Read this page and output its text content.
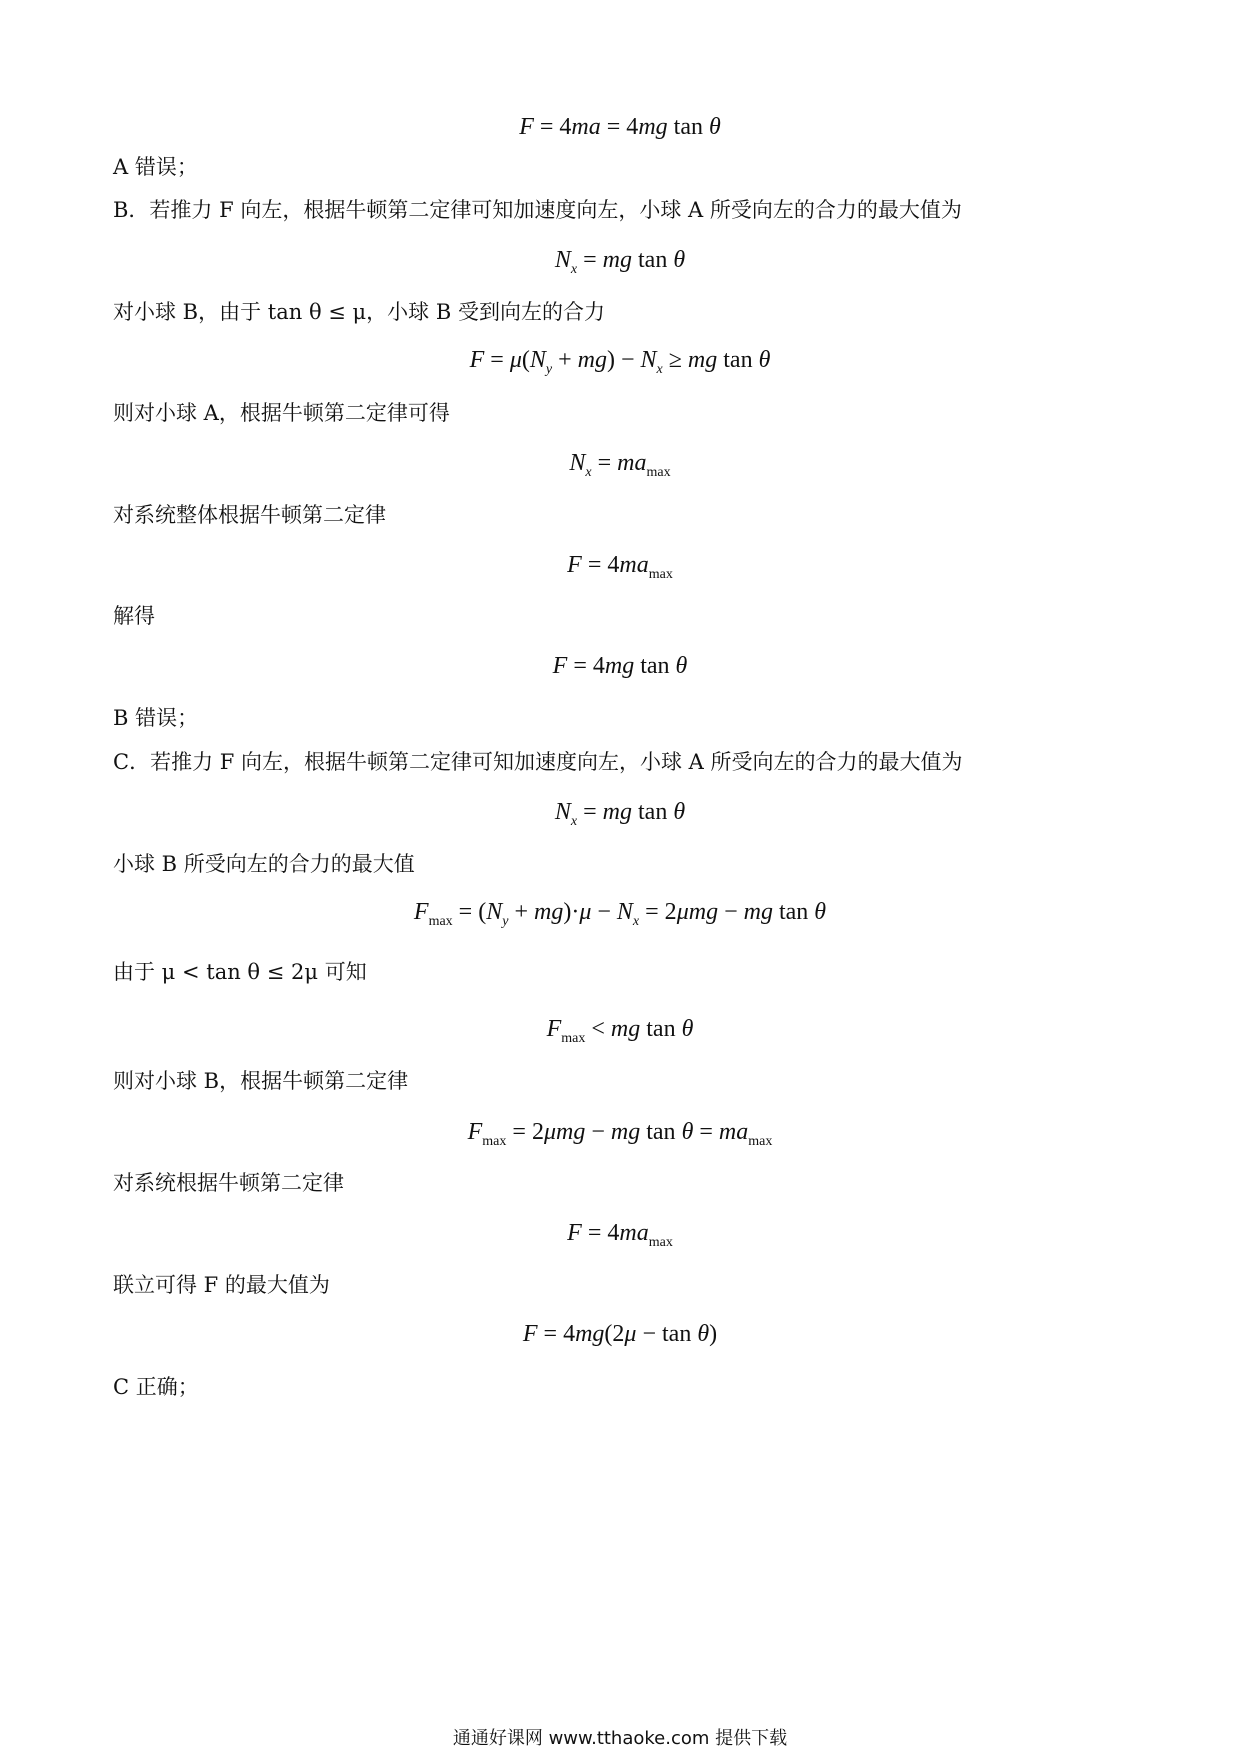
F = 4ma = 4mg tan θ
A 错误；
B．若推力 F 向左，根据牛顿第二定律可知加速度向左，小球 A 所受向左的合力的最大值为
$N_x$ = mg tan θ
对小球 B，由于 tan θ ≤ μ，小球 B 受到向左的合力
$F = \mu(N_y + mg) - N_x$ ≥ mg tan θ
则对小球 A，根据牛顿第二定律可得
$N_x = ma_{max}$
对系统整体根据牛顿第二定律
$F = 4ma_{max}$
解得
F = 4mg tan θ
B 错误；
C．若推力 F 向左，根据牛顿第二定律可知加速度向左，小球 A 所受向左的合力的最大值为
$N_x$ = mg tan θ
小球 B 所受向左的合力的最大值
$F_{max} = (N_y + mg)\cdot\mu - N_x = 2\mu mg$ − mg tan θ
由于 μ < tan θ ≤ 2μ 可知
$F_{max}$ < mg tan θ
则对小球 B，根据牛顿第二定律
$F_{max} = 2\mu mg$ − mg $\tan \theta = ma_{max}$
对系统根据牛顿第二定律
$F = 4ma_{max}$
联立可得 F 的最大值为
F = 4mg(2μ − tan θ)
C 正确；
通通好课网 www.tthaoke.com 提供下载
